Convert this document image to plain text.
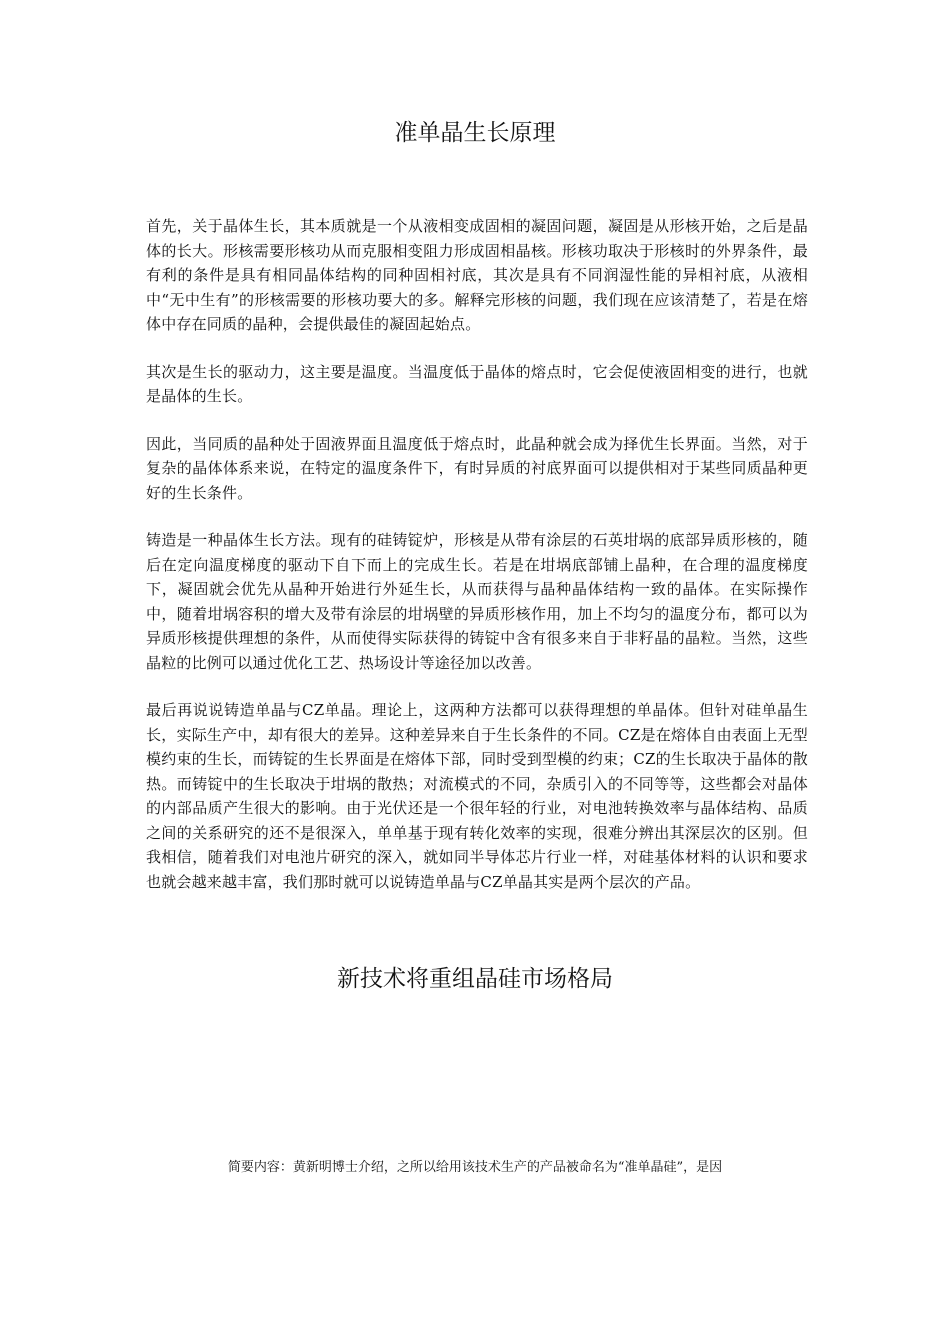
准单晶生长原理

首先，关于晶体生长，其本质就是一个从液相变成固相的凝固问题，凝固是从形核开始，之后是晶体的长大。形核需要形核功从而克服相变阻力形成固相晶核。形核功取决于形核时的外界条件，最有利的条件是具有相同晶体结构的同种固相衬底，其次是具有不同润湿性能的异相衬底，从液相中“无中生有”的形核需要的形核功要大的多。解释完形核的问题，我们现在应该清楚了，若是在熔体中存在同质的晶种，会提供最佳的凝固起始点。

其次是生长的驱动力，这主要是温度。当温度低于晶体的熔点时，它会促使液固相变的进行，也就是晶体的生长。

因此，当同质的晶种处于固液界面且温度低于熔点时，此晶种就会成为择优生长界面。当然，对于复杂的晶体体系来说，在特定的温度条件下，有时异质的衬底界面可以提供相对于某些同质晶种更好的生长条件。

铸造是一种晶体生长方法。现有的硅铸锭炉，形核是从带有涂层的石英坩埚的底部异质形核的，随后在定向温度梯度的驱动下自下而上的完成生长。若是在坩埚底部铺上晶种，在合理的温度梯度下，凝固就会优先从晶种开始进行外延生长，从而获得与晶种晶体结构一致的晶体。在实际操作中，随着坩埚容积的增大及带有涂层的坩埚壁的异质形核作用，加上不均匀的温度分布，都可以为异质形核提供理想的条件，从而使得实际获得的铸锭中含有很多来自于非籽晶的晶粒。当然，这些晶粒的比例可以通过优化工艺、热场设计等途径加以改善。

最后再说说铸造单晶与CZ单晶。理论上，这两种方法都可以获得理想的单晶体。但针对硅单晶生长，实际生产中，却有很大的差异。这种差异来自于生长条件的不同。CZ是在熔体自由表面上无型模约束的生长，而铸锭的生长界面是在熔体下部，同时受到型模的约束；CZ的生长取决于晶体的散热。而铸锭中的生长取决于坩埚的散热；对流模式的不同，杂质引入的不同等等，这些都会对晶体的内部品质产生很大的影响。由于光伏还是一个很年轻的行业，对电池转换效率与晶体结构、品质之间的关系研究的还不是很深入，单单基于现有转化效率的实现，很难分辨出其深层次的区别。但我相信，随着我们对电池片研究的深入，就如同半导体芯片行业一样，对硅基体材料的认识和要求也就会越来越丰富，我们那时就可以说铸造单晶与CZ单晶其实是两个层次的产品。

新技术将重组晶硅市场格局

简要内容：黄新明博士介绍，之所以给用该技术生产的产品被命名为“准单晶硅”，是因
